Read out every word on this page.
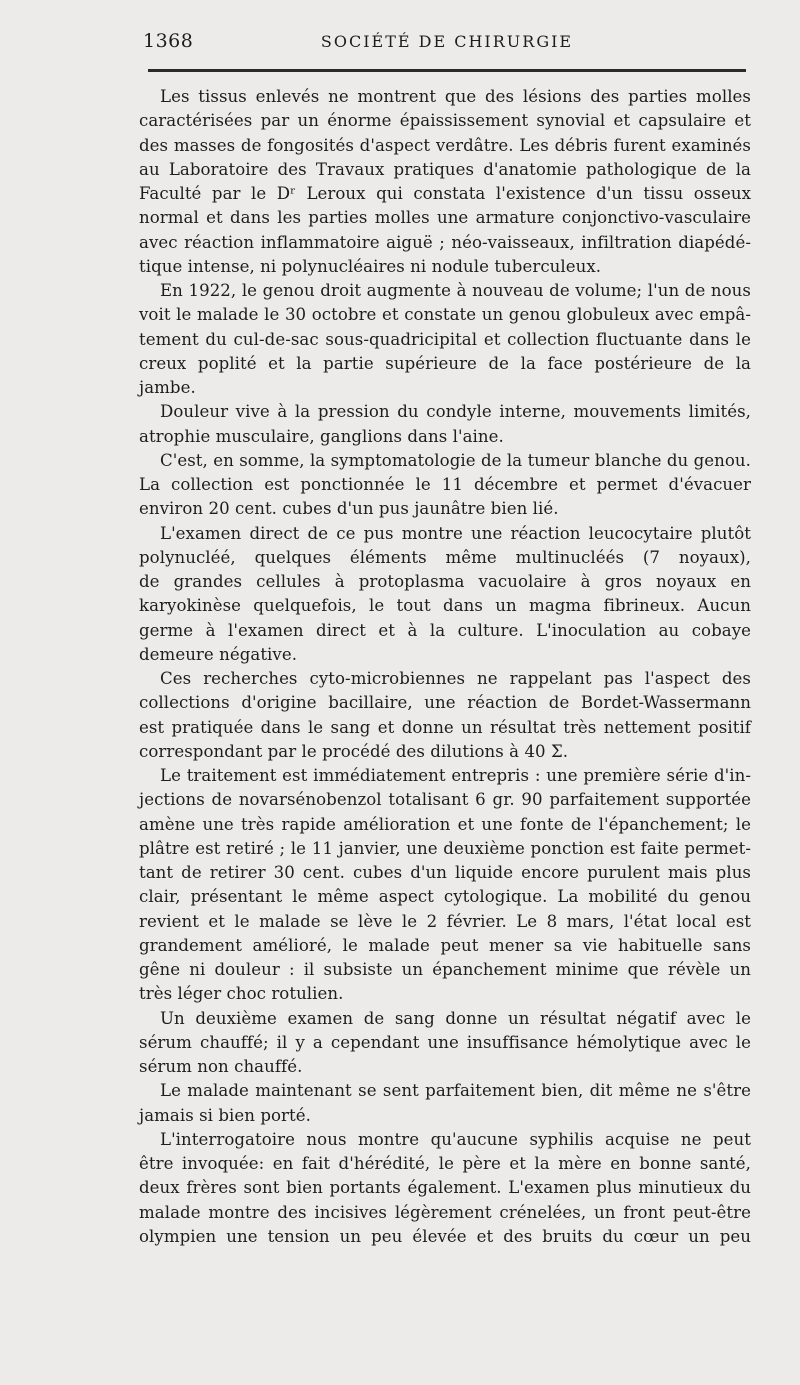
1368	SOCIÉTÉ DE CHIRURGIE
Les tissus enlevés ne montrent que des lésions des parties molles
caractérisées par un énorme épaississement synovial et capsulaire et
des masses de fongosités d'aspect verdâtre. Les débris furent examinés
au Laboratoire des Travaux pratiques d'anatomie pathologique de la
Faculté par le Dʳ Leroux qui constata l'existence d'un tissu osseux
normal et dans les parties molles une armature conjonctivo-vasculaire
avec réaction inflammatoire aiguë ; néo-vaisseaux, infiltration diapédé-
tique intense, ni polynucléaires ni nodule tuberculeux.
En 1922, le genou droit augmente à nouveau de volume; l'un de nous
voit le malade le 30 octobre et constate un genou globuleux avec empâ-
tement du cul-de-sac sous-quadricipital et collection fluctuante dans le
creux poplité et la partie supérieure de la face postérieure de la
jambe.
Douleur vive à la pression du condyle interne, mouvements limités,
atrophie musculaire, ganglions dans l'aine.
C'est, en somme, la symptomatologie de la tumeur blanche du genou.
La collection est ponctionnée le 11 décembre et permet d'évacuer
environ 20 cent. cubes d'un pus jaunâtre bien lié.
L'examen direct de ce pus montre une réaction leucocytaire plutôt
polynucléé, quelques éléments même multinucléés (7 noyaux),
de grandes cellules à protoplasma vacuolaire à gros noyaux en
karyokinèse quelquefois, le tout dans un magma fibrineux. Aucun
germe à l'examen direct et à la culture. L'inoculation au cobaye
demeure négative.
Ces recherches cyto-microbiennes ne rappelant pas l'aspect des
collections d'origine bacillaire, une réaction de Bordet-Wassermann
est pratiquée dans le sang et donne un résultat très nettement positif
correspondant par le procédé des dilutions à 40 Σ.
Le traitement est immédiatement entrepris : une première série d'in-
jections de novarsénobenzol totalisant 6 gr. 90 parfaitement supportée
amène une très rapide amélioration et une fonte de l'épanchement; le
plâtre est retiré ; le 11 janvier, une deuxième ponction est faite permet-
tant de retirer 30 cent. cubes d'un liquide encore purulent mais plus
clair, présentant le même aspect cytologique. La mobilité du genou
revient et le malade se lève le 2 février. Le 8 mars, l'état local est
grandement amélioré, le malade peut mener sa vie habituelle sans
gêne ni douleur : il subsiste un épanchement minime que révèle un
très léger choc rotulien.
Un deuxième examen de sang donne un résultat négatif avec le
sérum chauffé; il y a cependant une insuffisance hémolytique avec le
sérum non chauffé.
Le malade maintenant se sent parfaitement bien, dit même ne s'être
jamais si bien porté.
L'interrogatoire nous montre qu'aucune syphilis acquise ne peut
être invoquée: en fait d'hérédité, le père et la mère en bonne santé,
deux frères sont bien portants également. L'examen plus minutieux du
malade montre des incisives légèrement crénelées, un front peut-être
olympien une tension un peu élevée et des bruits du cœur un peu
